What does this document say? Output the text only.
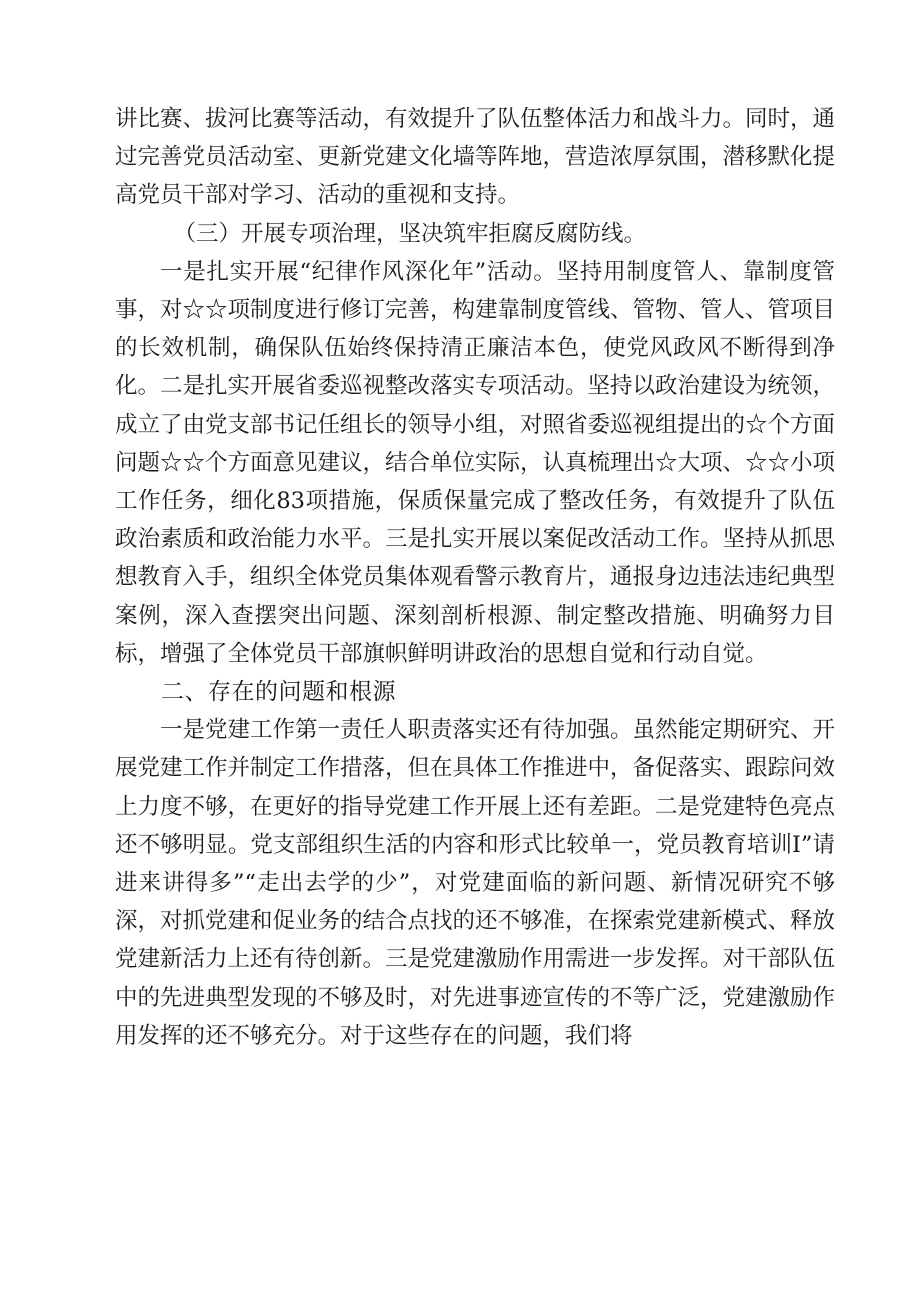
讲比赛、拔河比赛等活动，有效提升了队伍整体活力和战斗力。同时，通过完善党员活动室、更新党建文化墙等阵地，营造浓厚氛围，潜移默化提高党员干部对学习、活动的重视和支持。

（三）开展专项治理，坚决筑牢拒腐反腐防线。

一是扎实开展“纪律作风深化年”活动。坚持用制度管人、靠制度管事，对☆☆项制度进行修订完善，构建靠制度管线、管物、管人、管项目的长效机制，确保队伍始终保持清正廉洁本色，使党风政风不断得到净化。二是扎实开展省委巡视整改落实专项活动。坚持以政治建设为统领，成立了由党支部书记任组长的领导小组，对照省委巡视组提出的☆个方面问题☆☆个方面意见建议，结合单位实际，认真梳理出☆大项、☆☆小项工作任务，细化83项措施，保质保量完成了整改任务，有效提升了队伍政治素质和政治能力水平。三是扎实开展以案促改活动工作。坚持从抓思想教育入手，组织全体党员集体观看警示教育片，通报身边违法违纪典型案例，深入查摆突出问题、深刻剖析根源、制定整改措施、明确努力目标，增强了全体党员干部旗帜鲜明讲政治的思想自觉和行动自觉。

二、存在的问题和根源

一是党建工作第一责任人职责落实还有待加强。虽然能定期研究、开展党建工作并制定工作措落，但在具体工作推进中，备促落实、跟踪问效上力度不够，在更好的指导党建工作开展上还有差距。二是党建特色亮点还不够明显。党支部组织生活的内容和形式比较单一，党员教育培训I”请进来讲得多”“走出去学的少”，对党建面临的新问题、新情况研究不够深，对抓党建和促业务的结合点找的还不够准，在探索党建新模式、释放党建新活力上还有待创新。三是党建激励作用需进一步发挥。对干部队伍中的先进典型发现的不够及时，对先进事迹宣传的不等广泛，党建激励作用发挥的还不够充分。对于这些存在的问题，我们将
